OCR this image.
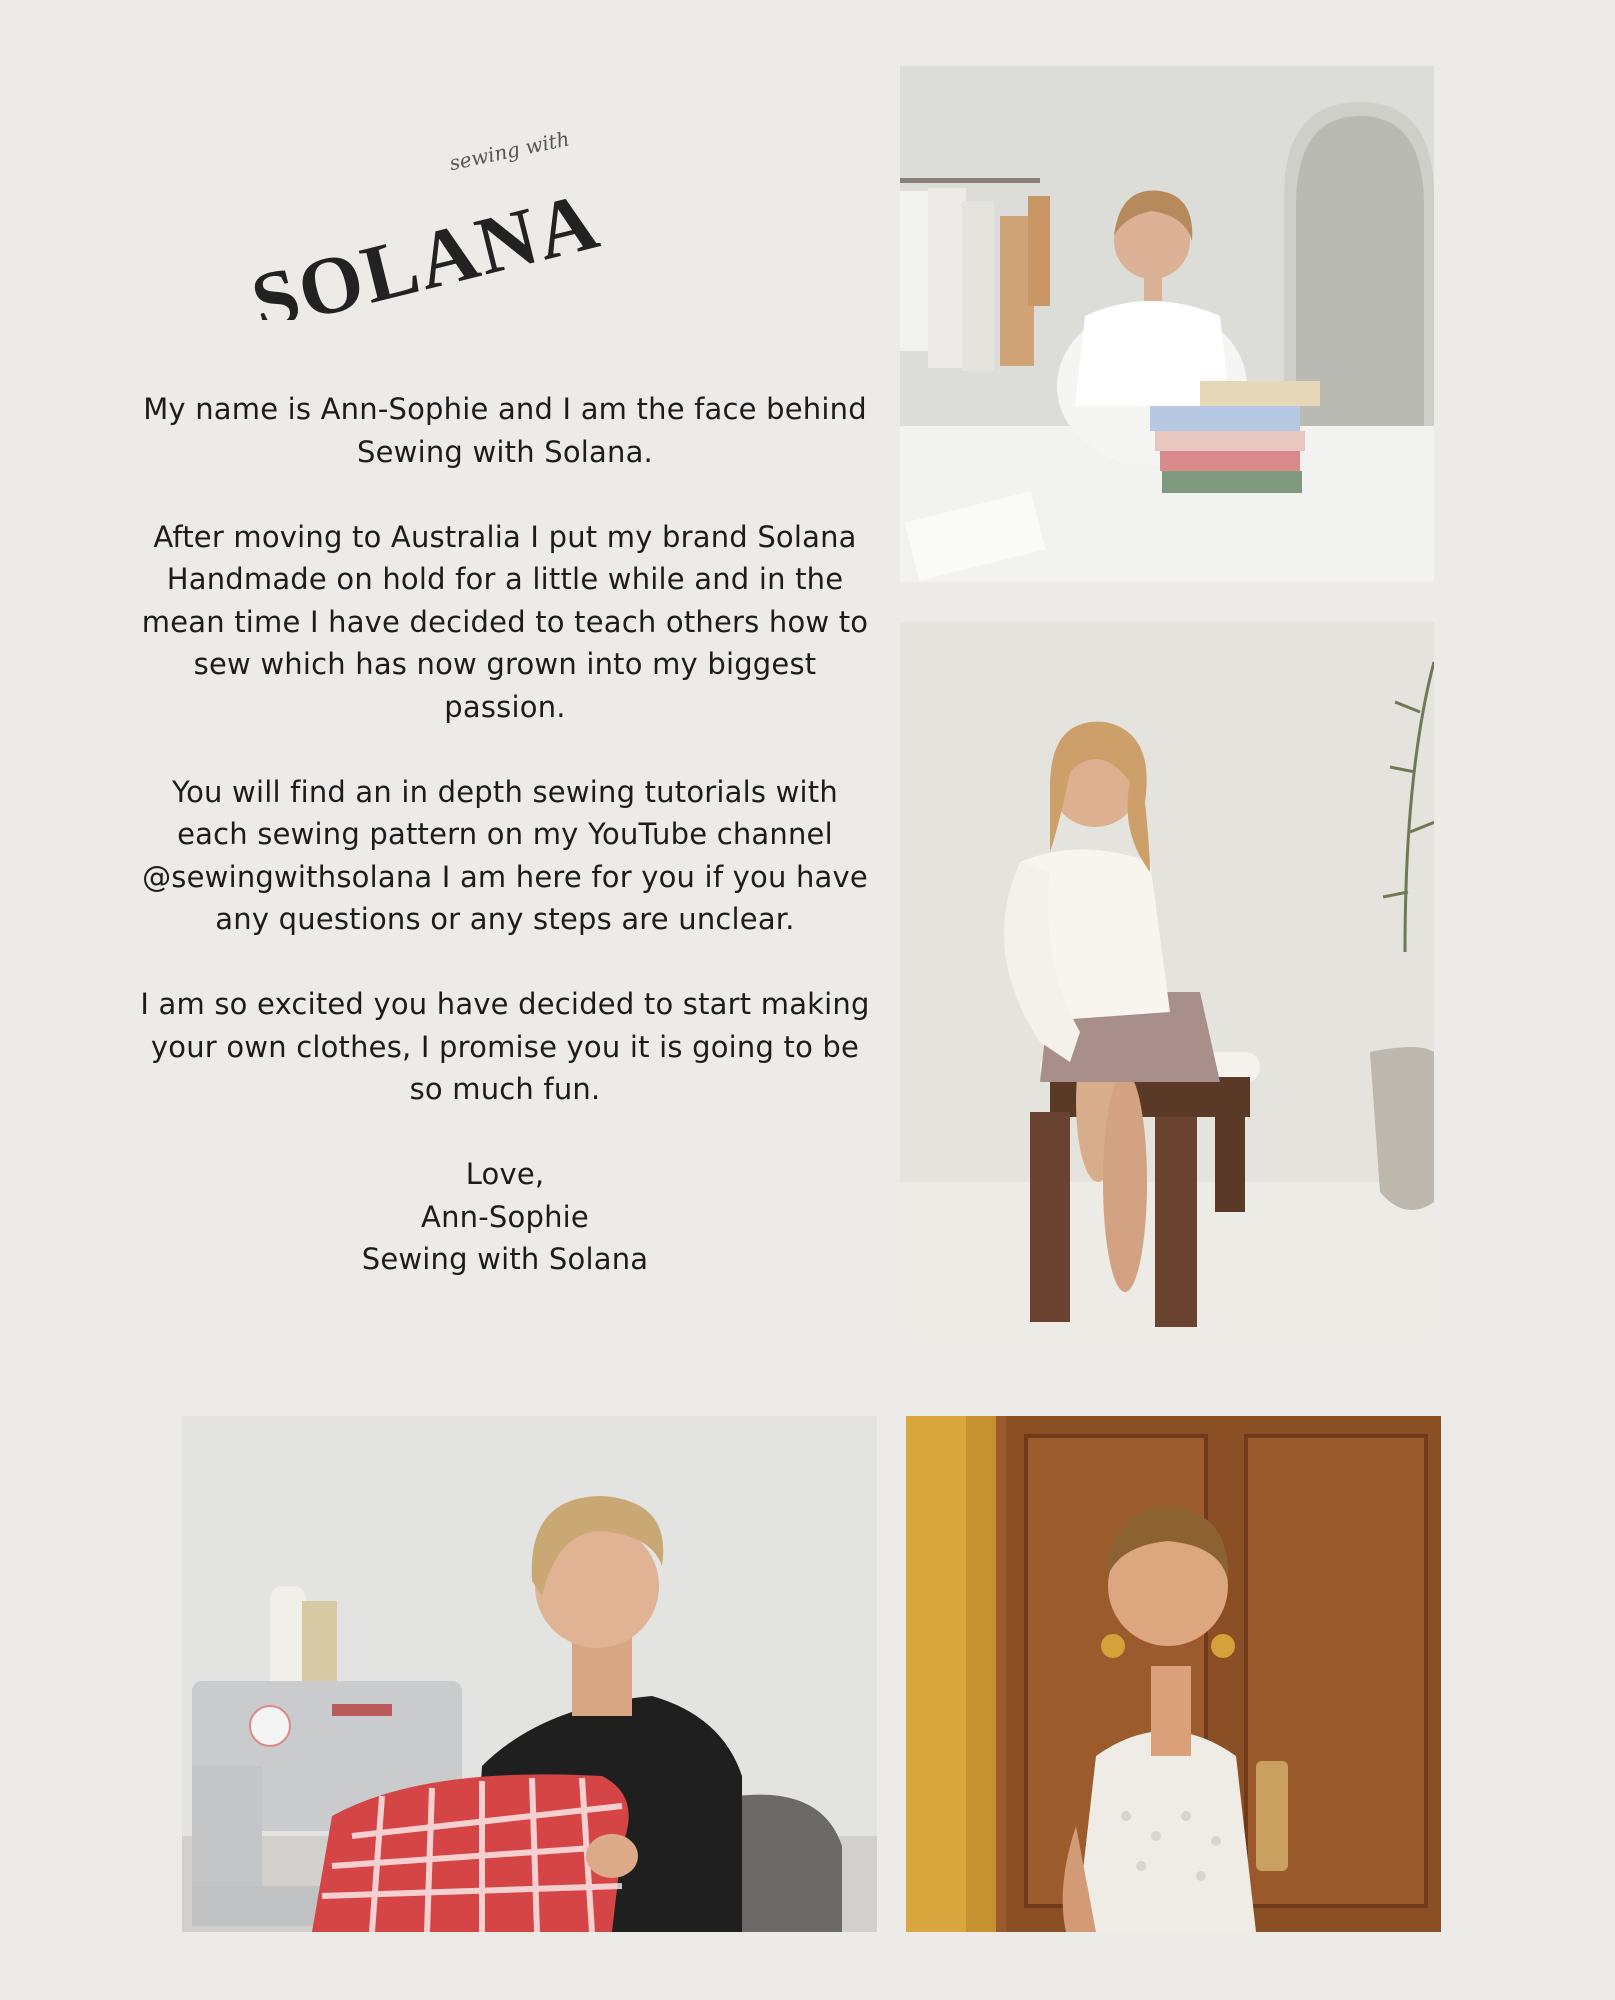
sewing with
SOLANA

My name is Ann-Sophie and I am the face behind Sewing with Solana.

After moving to Australia I put my brand Solana Handmade on hold for a little while and in the mean time I have decided to teach others how to sew which has now grown into my biggest passion.

You will find an in depth sewing tutorials with each sewing pattern on my YouTube channel @sewingwithsolana I am here for you if you have any questions or any steps are unclear.

I am so excited you have decided to start making your own clothes, I promise you it is going to be so much fun.

Love,
Ann-Sophie
Sewing with Solana
